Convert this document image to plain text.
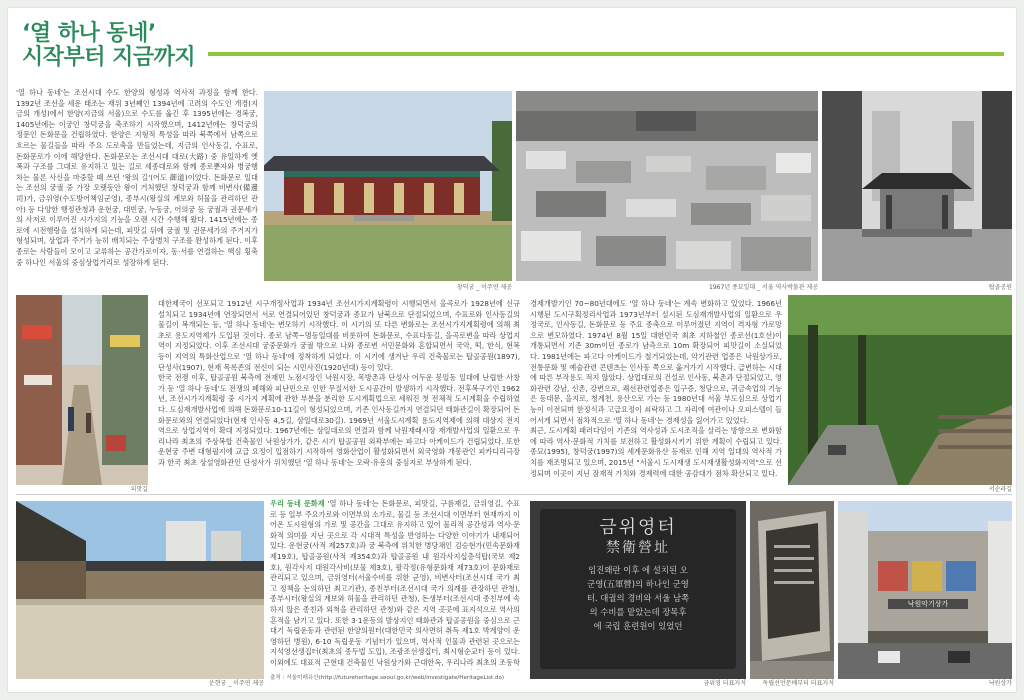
‘열 하나 동네’
시작부터 지금까지
'열 하나 동네'는 조선시대 수도 한양의 형성과 역사적 과정을 함께 한다. 1392년 조선을 세운 태조는 재위 3년째인 1394년에 고려의 수도인 개경(지금의 개성)에서 한양(지금의 서울)으로 수도를 옮긴 후 1395년에는 경복궁, 1405년에는 이궁인 창덕궁을 축조하기 시작했으며, 1412년에는 창덕궁의 정문인 돈화문을 건립하였다. 한양은 지형적 특성을 따라 북쪽에서 남쪽으로 흐르는 물길들을 따라 주요 도로축을 만들었는데, 지금의 인사동길, 수표로, 돈화문로가 이에 해당한다. 돈화문로는 조선시대 대로(大路) 중 유일하게 옛 폭과 구조를 그대로 유지하고 있는 길로 세종대로와 함께 종로뿐자와 병궁행차는 물론 사신을 마중할 때 쓰던 '왕의 길'(어도 御道)이었다. 돈화문로 일대는 조선의 궁궐 중 가장 오랫동안 왕이 거처했던 창덕궁과 함께 비변사(備邊司)가, 금위영(수도방어책임군영), 종부시(왕실의 계보와 허물을 관리하던 관아) 등 다양한 행정관청과 운현궁, 대빈궁, 누동궁, 어의궁 등 궁궐과 권문세가의 사저로 이루어진 시가지의 기능을 오랜 시간 수행해 왔다. 1415년에는 종로에 시전행랑을 설치하게 되는데, 피맛길 뒤에 궁궐 및 권문세가의 주거지가 형성되며, 상업과 주거가 능히 배치되는 주상병치 구조를 완성하게 된다. 이후 종로는 사람들이 모이고 교류하는 공간가로이자, 동·서를 연결하는 핵심 횡축 중 하나인 서울의 중심상업거리로 성장하게 된다.
창덕궁 _ 이주연 제공	1967년 종묘일대 _ 서울 역사박물관 제공	탑골공원
피맛길
대한제국이 선포되고 1912년 시구개정사업과 1934년 조선시가지계획령이 시행되면서 을곡로가 1928년에 신규 설치되고 1934년에 연장되면서 서로 연결되어있던 창덕궁과 종묘가 남북으로 단절되었으며, 수표로와 인사동길의 물길이 복개되는 등, '열 하나 동네'는 변모하기 시작했다. 이 시기의 또 다른 변화로는 조선시가지계획령에 의해 최초로 용도지역제가 도입된 것이다. 종로 남쪽~명동일대를 비롯하여 돈화문로, 수표다동길, 을곡로변을 따라 상업지역이 지정되었다. 이후 조선시대 궁중문화가 궁궐 밖으로 나와 종로변 서민문화와 혼합되면서 국악, 떡, 한식, 현복 등이 지역의 특화산업으로 '열 하나 동네'에 정착하게 되었다. 이 시기에 생겨난 우리 건축물로는 탑골공원(1897), 단성사(1907), 현재 목록존의 전신이 되는 시민사진(1920년대) 등이 있다.
한국 전쟁 이후, 탑골공원 북측에 전재민 노점시장인 낙원시장, 목방촌과 단성사 어두운 봉일동 일대에 난립한 사창가 등 '열 하나 동네'도 전쟁의 폐해와 피난민으로 인한 무질서한 도시공간이 발생하기 시작했다. 전후복구기인 1962년, 조선시가지계획령 중 시가지 계획에 관한 부분을 분리한 도시계획법으로 세워진 첫 전체적 도시계획을 수립하였다. 도심재개발사업에 의해 돈화문로10-11길이 형성되었으며, 기존 인사동길까지 연결되던 태화관길이 확장되어 돈화문로와의 연결되었다(현재 인사동 4,5길, 삼일대로30길). 1969년 서울도시계획 용도지역제에 의해 대상지 전지역으로 상업지역이 확대 지정되었다. 1967년에는 삼일대로의 연결과 함께 낙원재래시장 재개발사업의 일환으로 우리나라 최초의 주상복합 건축물인 낙원상가가, 같은 시기 탑골공원 외곽부에는 파고다 아케이드가 건립되었다. 또한 운현궁 주변 대형필지에 교급 요정이 입점하기 시작하여 영화산업이 활성화되면서 외국영화 개봉관인 피카디리극장과 한국 최초 상설영화관인 단성사가 위치했던 '열 하나 동네'는 오락·유흥의 중심지로 부상하게 된다.
경제개발기인 70~80년대에도 '열 하나 동네'는 계속 변화하고 있었다. 1966년 시행된 도시구획정리사업과 1973년부터 실시된 도심재개발사업의 일환으로 우정국로, 인사동길, 돈화문로 등 주요 종축으로 이루어졌던 지역이 격자형 가로망으로 변모하였다. 1974년 8월 15일 대한민국 최초 지하철인 종로선(1호선)이 개통되면서 기존 30m이던 종로가 남측으로 10m 확장되어 피맛길이 소실되었다. 1981년에는 파고다 아케이드가 철거되었는데, 악기관련 업종은 낙원상가로, 전통문화 및 예술관련 콘텐츠는 인사동 쪽으로 옮겨가기 시작했다. 급변하는 시대에 따른 부작용도 적지 않았다. 상업대로의 건설로 인사동, 북촌과 단절되었고, 영화관련 강남, 신촌, 강변으로, 쾌선관련업종은 입구증, 청담으로, 귀금속업의 기능은 동대문, 을지로, 청계천, 용산으로 가는 등 1980년대 서울 부도심으로 상업기능이 이전되며 한정식과 고급요정이 쇠락하고 그 자리에 여관이나 오피스텔이 들어서게 되면서 점차적으로 '열 하나 동네'는 경제성을 잃어가고 있었다.
최근, 도시계획 패러다임이 기존의 역사성과 도시조직을 살리는 방향으로 변화함에 따라 역사·문화적 가치를 보전하고 활성화시키기 위한 계획이 수립되고 있다. 종묘(1995), 창덕궁(1997)의 세계문화유산 등재로 인해 지역 일대의 역사적 가치를 재조명되고 있으며, 2015년 "서울시 도시재생 도시재생활성화지역"으로 선정되며 이곳이 지닌 잠재적 가치와 경제력에 대한 공감대가 점차 확산되고 있다.
서순라길
운현궁 _ 이주연 제공
우리 동네 문화재 '열 하나 동네'는 돈화문로, 피맛길, 구름재길, 금위영길, 수표로 등 일부 주요가로와 이면부의 소가로, 물길 등 조선시대 이면부터 현재까지 이어온 도시원형의 가로 및 공간을 그대로 유지하고 있어 물리적 공간성과 역사·문화적 의미를 지닌 곳으로 각 시대적 특성을 반영하는 다양한 이야기가 내재되어 있다. 운현궁(사적 제257호)과 궁 북측에 위치한 병당채인 김승현가(민속문화재 제19호), 탑골공원(사적 제354호)과 탑골공원 내 원각사지십층석탑(국보 제2호), 원각사지 대원각사비(보물 제3호), 팔각정(유형문화재 제73호)이 문화재로 관리되고 있으며, 금위영터(서울수비를 위한 군영), 비변사터(조선시대 국가 최고 정책을 논의하던 최고기관), 종친부터(조선시대 국가 의례를 관장하던 관청), 종부시터(왕실의 계보와 허물을 관리하던 관청), 돈생부터(조선시대 종친부에 속하지 않은 종친과 외척을 관리하던 관청)와 같은 지역 곳곳에 표지석으로 역사의 흔적을 남기고 있다. 또한 3·1운동의 발상지인 태화관과 탑골공원을 중심으로 근대기 독립운동과 관련된 한양의원터(대한민국 의사면허 취득 제1호 박계양이 운영하던 병원), 6·10 독립운동 기념터가 있으며, 역사적 인물과 관련된 곳으로는 지석영선생집터(최초의 종두법 도입), 조광조선생집터, 최시형순교터 등이 있다. 이외에도 대표적 근현대 건축물인 낙원상가와 근대한옥, 우리나라 최초의 조동학
출처 : 서울미래유산(http://futureheritage.seoul.go.kr/web/investigate/HeritageList.do)
금위영터
禁衛營址
임진왜란 이후 에 설치된 오
군영(五軍營)의 하나인 군영
터. 대궐의 경비와 서울 남쪽
의 수비를 맡았는데 장목후
에 국립 훈련원이 있었던
금위영 터표지석	독립선언문배부터 터표지석
낙원악기상가
낙원상가
